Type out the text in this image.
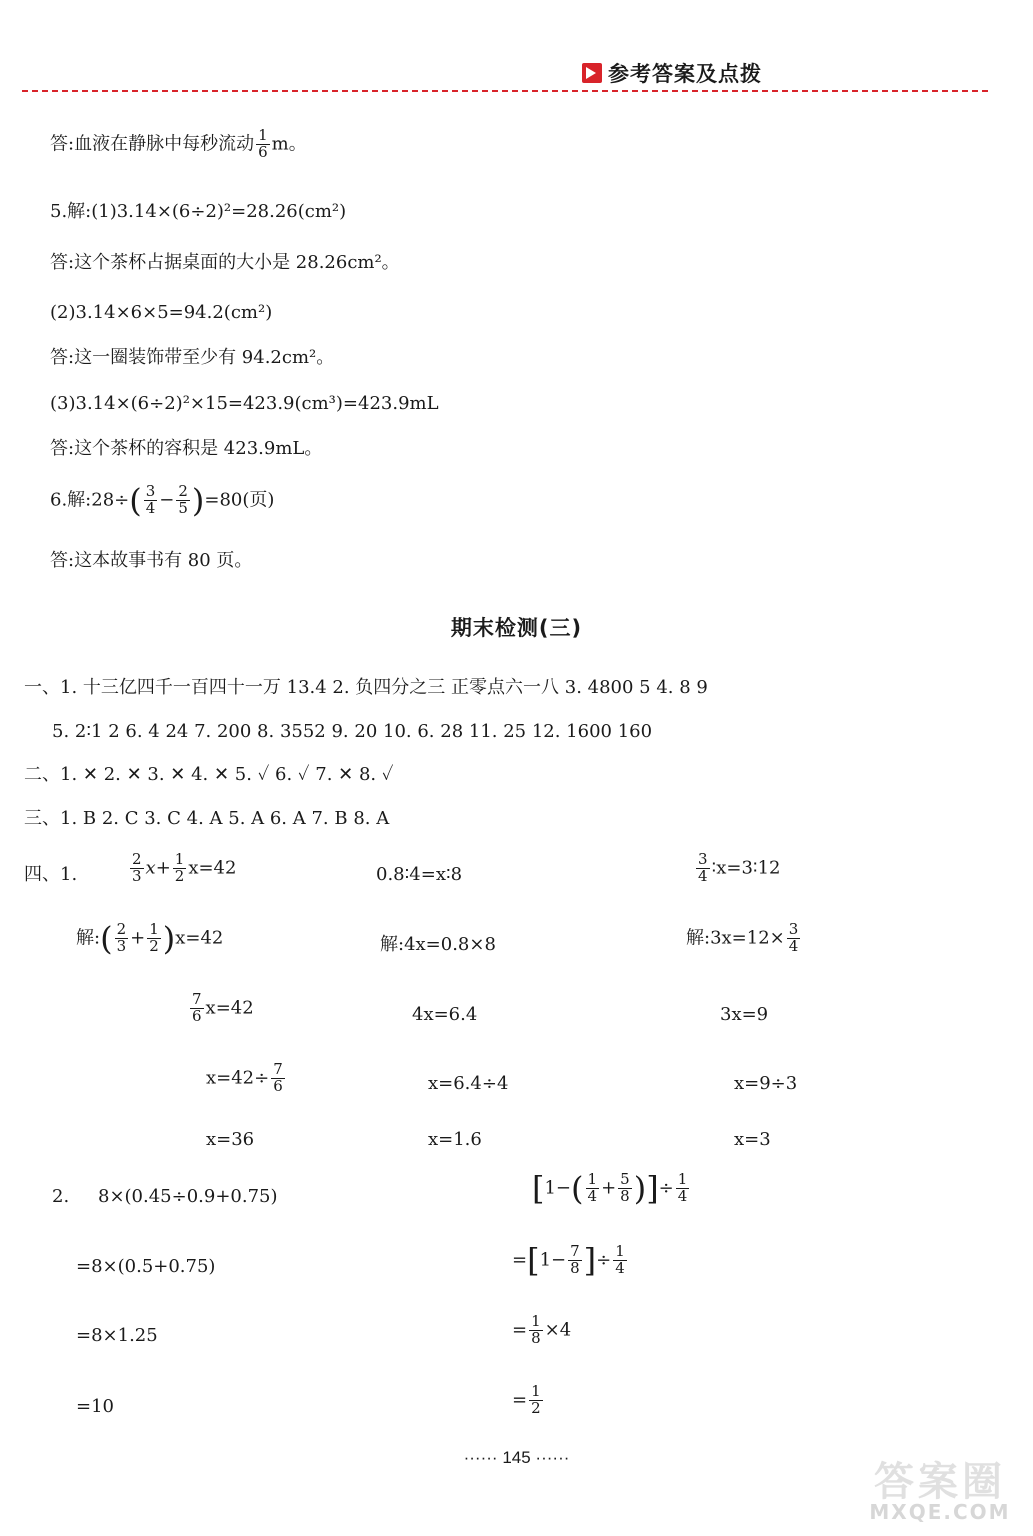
参考答案及点拨
答:血液在静脉中每秒流动 $\frac{1}{6}$ m。
5.解:(1)3.14×(6÷2)²=28.26(cm²)
答:这个茶杯占据桌面的大小是 28.26cm²。
(2)3.14×6×5=94.2(cm²)
答:这一圈装饰带至少有 94.2cm²。
(3)3.14×(6÷2)²×15=423.9(cm³)=423.9mL
答:这个茶杯的容积是 423.9mL。
6.解:28÷( $\frac{3}{4} - \frac{2}{5} )=80$(页)
答:这本故事书有 80 页。
期末检测(三)
一、1. 十三亿四千一百四十一万 13.4 2. 负四分之三 正零点六一八 3. 4800 5 4. 8 9
5. 2∶1 2 6. 4 24 7. 200 8. 3552 9. 20 10. 6. 28 11. 25 12. 1600 160
二、1. ✕ 2. ✕ 3. ✕ 4. ✕ 5. ✓ 6. ✓ 7. ✕ 8. ✓
三、1. B 2. C 3. C 4. A 5. A 6. A 7. B 8. A
四、1.	$\frac{2}{3} x+ \frac{1}{2} x=42$
解:( $\frac{2}{3} + \frac{1}{2} )x=42$
$\frac{7}{6} x=42$
$x=42\div \frac{7}{6}$
x=36
0.8∶4=x∶8
解:4x=0.8×8
4x=6.4
x=6.4÷4
x=1.6
$\frac{3}{4}$ ∶x=3∶12
解:3x=12× $\frac{3}{4}$
3x=9
x=9÷3
x=3
2. 8×(0.45÷0.9+0.75)
=8×(0.5+0.75)
=8×1.25
=10
[$1-( \frac{1}{4} + \frac{5}{8}$ )]÷ $\frac{1}{4}$
$=[1- \frac{7}{8}$ ]÷ $\frac{1}{4}$
= $\frac{1}{8} \times 4$
= $\frac{1}{2}$
······ 145 ······
答案圈
MXQE.COM
